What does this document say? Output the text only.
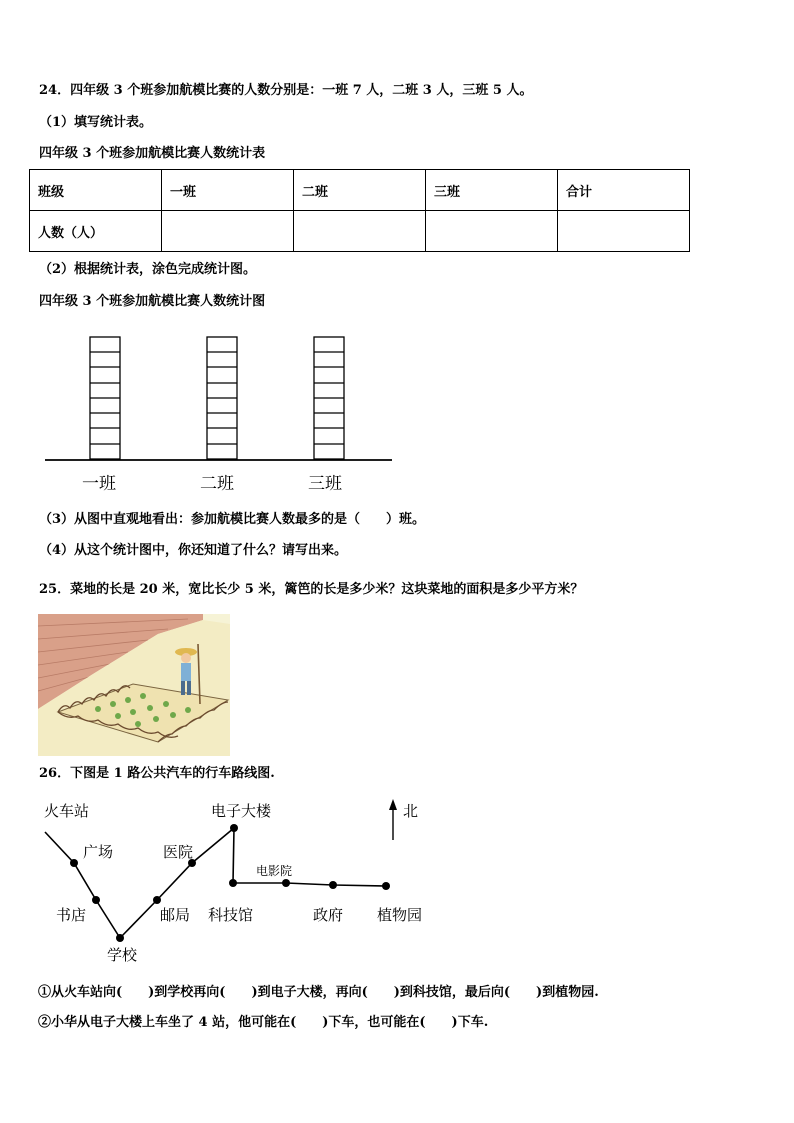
24．四年级 3 个班参加航模比赛的人数分别是：一班 7 人，二班 3 人，三班 5 人。
（1）填写统计表。
四年级 3 个班参加航模比赛人数统计表
班级	一班	二班	三班	合计
人数（人）				
（2）根据统计表，涂色完成统计图。
四年级 3 个班参加航模比赛人数统计图
一班	二班	三班
（3）从图中直观地看出：参加航模比赛人数最多的是（　　）班。
（4）从这个统计图中，你还知道了什么？请写出来。
25．菜地的长是 20 米，宽比长少 5 米，篱笆的长是多少米？这块菜地的面积是多少平方米？
26．下图是 1 路公共汽车的行车路线图.
火车站
广场
书店
学校
邮局
医院
电子大楼
科技馆
电影院
政府 植物园
北
①从火车站向(　　)到学校再向(　　)到电子大楼，再向(　　)到科技馆，最后向(　　)到植物园.
②小华从电子大楼上车坐了 4 站，他可能在(　　)下车，也可能在(　　)下车.
